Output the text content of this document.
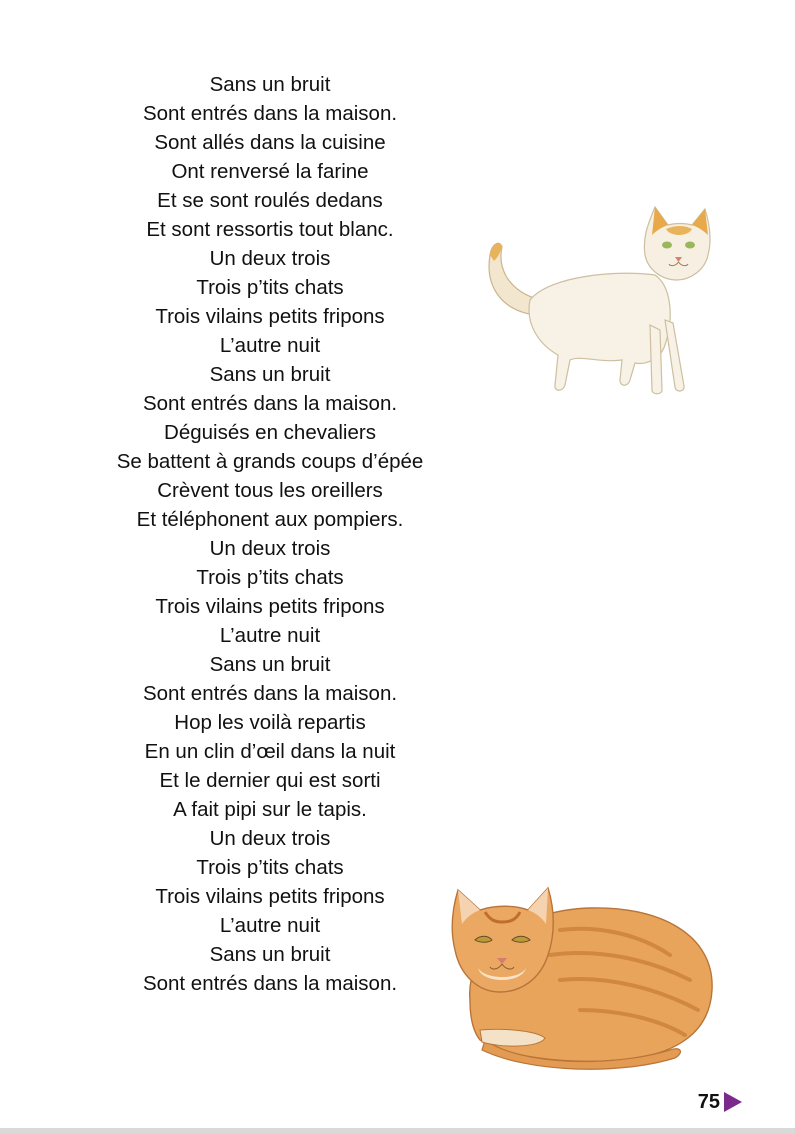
Sans un bruit
Sont entrés dans la maison.
Sont allés dans la cuisine
Ont renversé la farine
Et se sont roulés dedans
Et sont ressortis tout blanc.
Un deux trois
Trois p’tits chats
Trois vilains petits fripons
L’autre nuit
Sans un bruit
Sont entrés dans la maison.
Déguisés en chevaliers
Se battent à grands coups d’épée
Crèvent tous les oreillers
Et téléphonent aux pompiers.
Un deux trois
Trois p’tits chats
Trois vilains petits fripons
L’autre nuit
Sans un bruit
Sont entrés dans la maison.
Hop les voilà repartis
En un clin d’œil dans la nuit
Et le dernier qui est sorti
A fait pipi sur le tapis.
Un deux trois
Trois p’tits chats
Trois vilains petits fripons
L’autre nuit
Sans un bruit
Sont entrés dans la maison.
75
